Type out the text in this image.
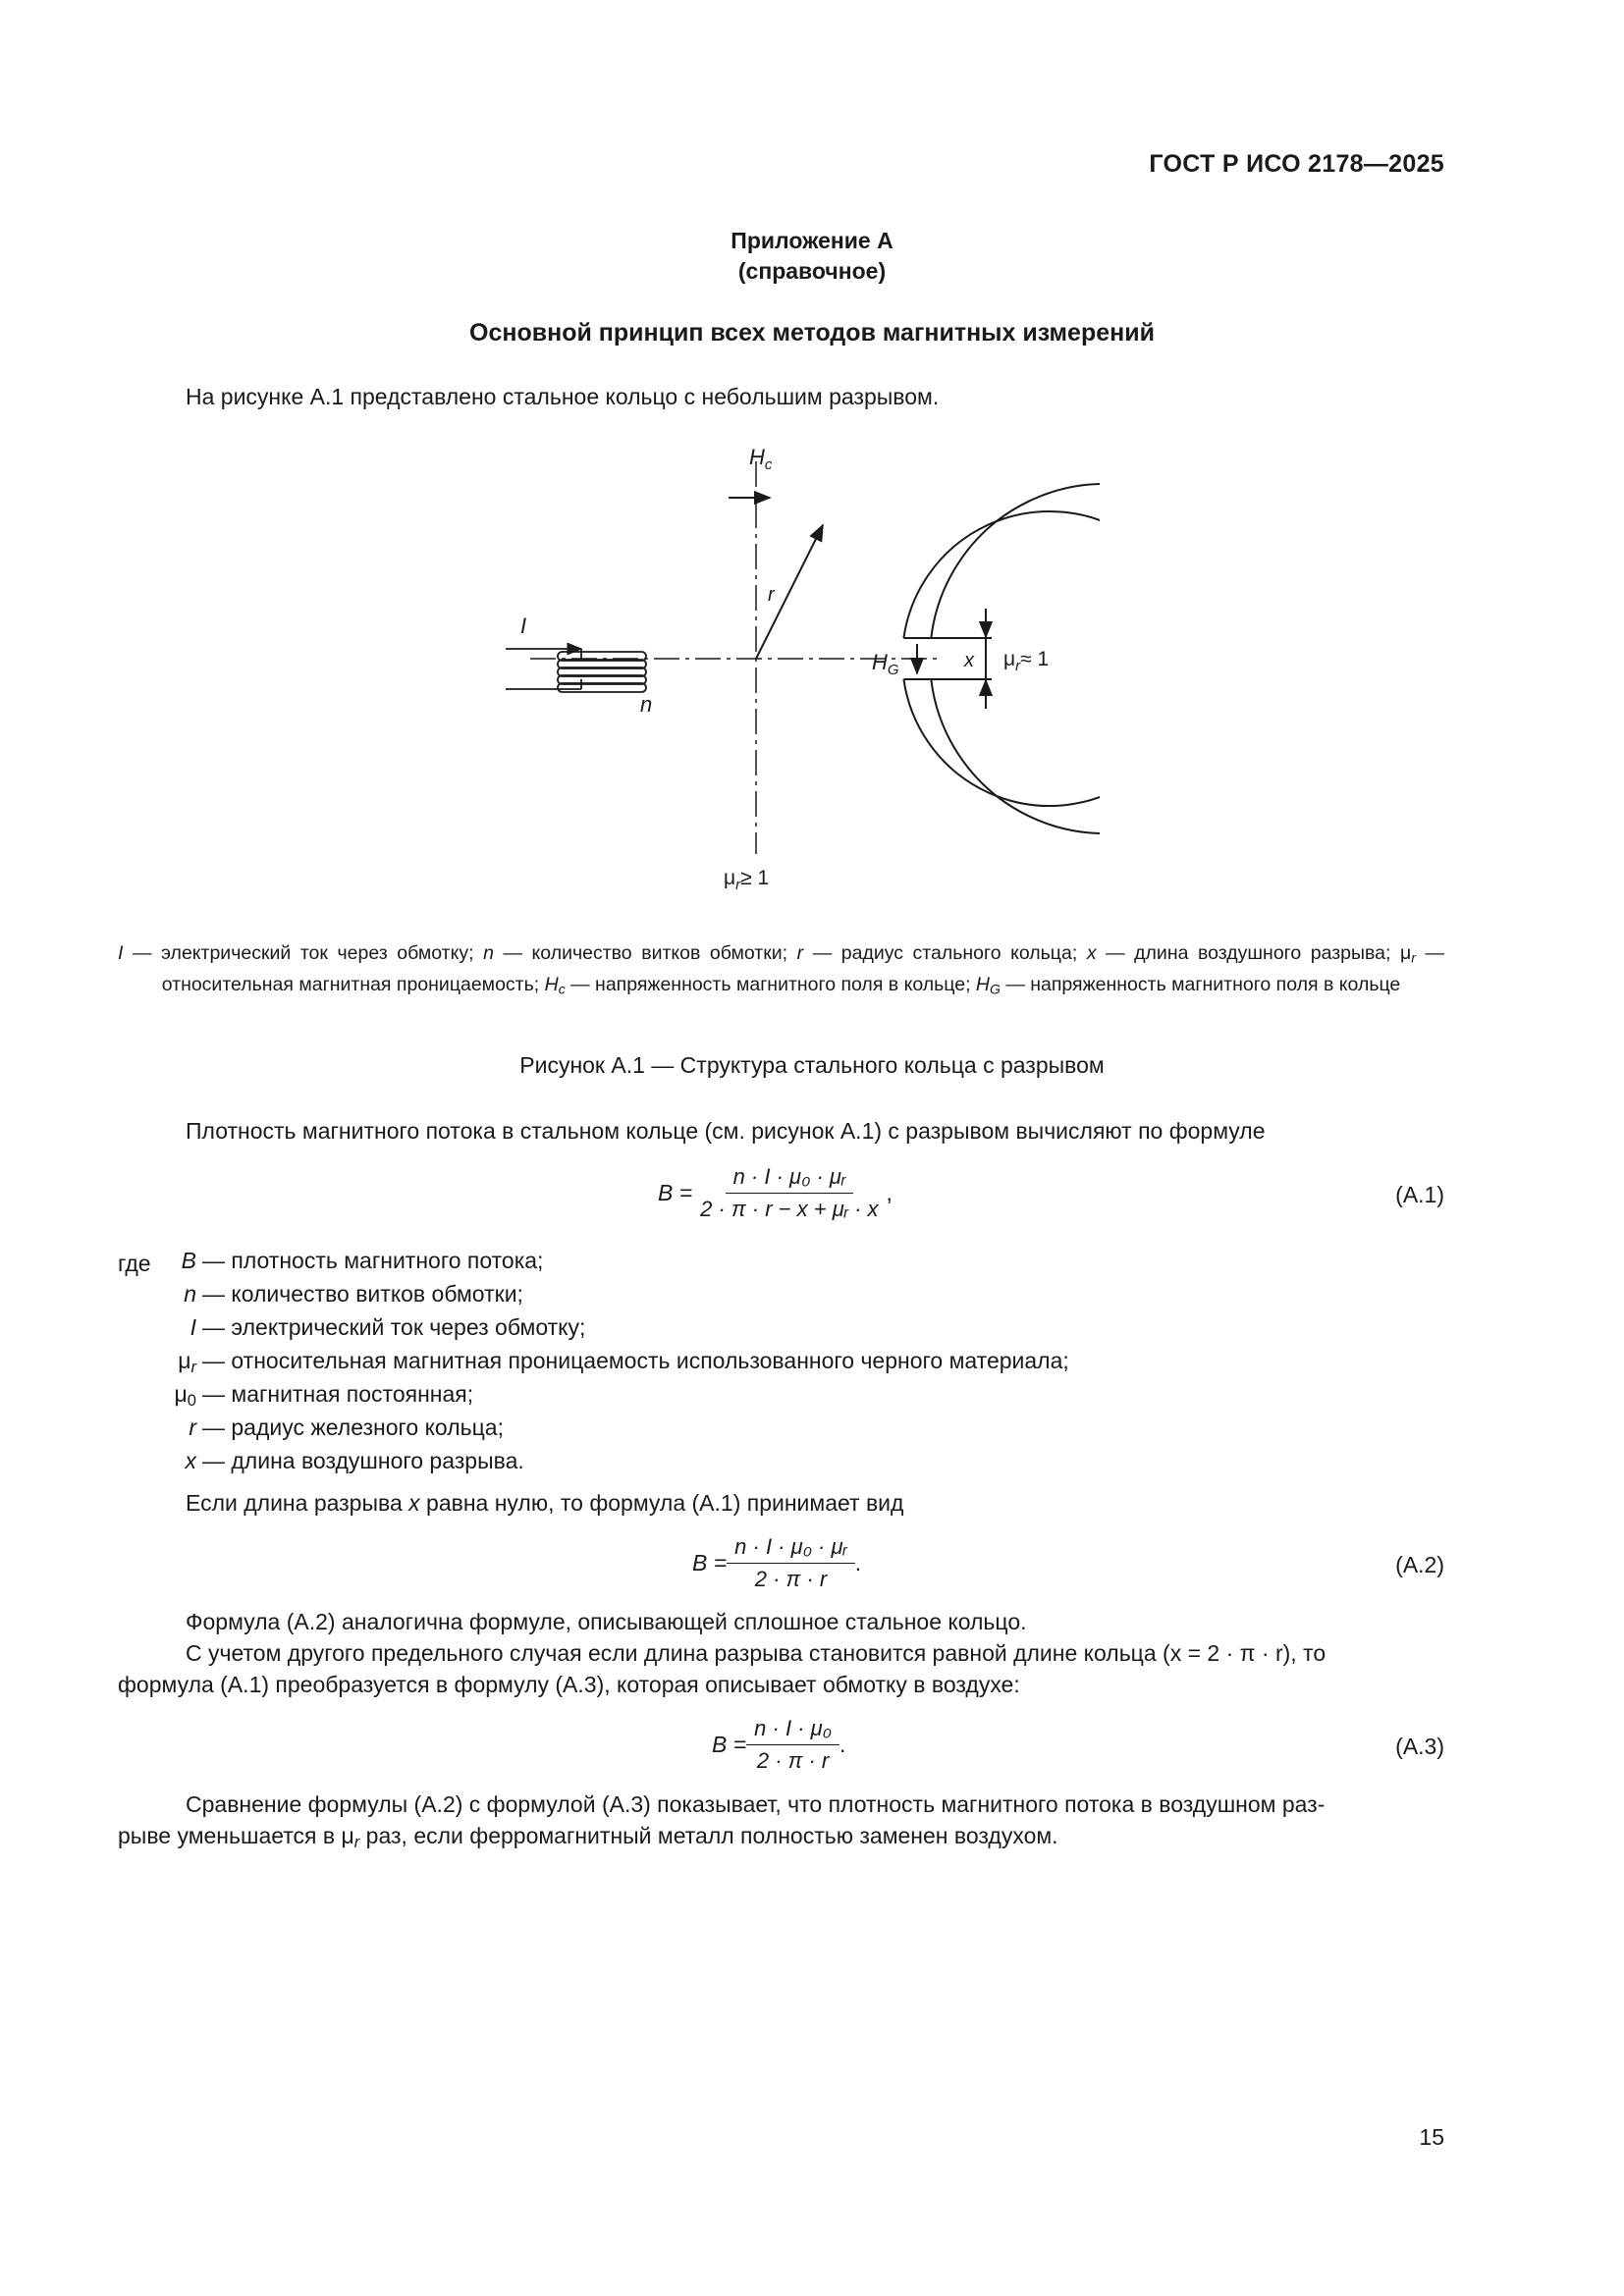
ГОСТ Р ИСО 2178—2025
Приложение А
(справочное)
Основной принцип всех методов магнитных измерений
На рисунке А.1 представлено стальное кольцо с небольшим разрывом.
$H_c$
$H_G$
I
n
r
x $\mu_r\approx 1$
$\mu_r\ge 1$
I — электрический ток через обмотку; n — количество витков обмотки; r — радиус стального кольца; x — длина воздушного разрыва; $\mu_r$ — относительная магнитная проницаемость; $H_c$ — напряженность магнитного поля в кольце; $H_G$ — напряженность магнитного поля в кольце
Рисунок А.1 — Структура стального кольца с разрывом
Плотность магнитного потока в стальном кольце (см. рисунок А.1) с разрывом вычисляют по формуле
$B = \frac{\text{n · I · μ₀ · μᵣ}}{\text{2 · π · r − x + μᵣ · x}}$ ,	(А.1)
где	B — плотность магнитного потока;
n — количество витков обмотки;
I — электрический ток через обмотку;
$\mu_r$ — относительная магнитная проницаемость использованного черного материала;
$\mu_0$ — магнитная постоянная;
r — радиус железного кольца;
x — длина воздушного разрыва.
Если длина разрыва x равна нулю, то формула (А.1) принимает вид
$B = \frac{\text{n · I · μ₀ · μᵣ}}{2 \cdot \pi \cdot r}$ .	(А.2)
Формула (А.2) аналогична формуле, описывающей сплошное стальное кольцо.
С учетом другого предельного случая если длина разрыва становится равной длине кольца (x = 2 · π · r), то
формула (А.1) преобразуется в формулу (А.3), которая описывает обмотку в воздухе:
$B = \frac{\text{n · I · μ₀}}{2 \cdot \pi \cdot r}$ .	(А.3)
Сравнение формулы (А.2) с формулой (А.3) показывает, что плотность магнитного потока в воздушном раз-
рыве уменьшается в $\mu_r$ раз, если ферромагнитный металл полностью заменен воздухом.
15
